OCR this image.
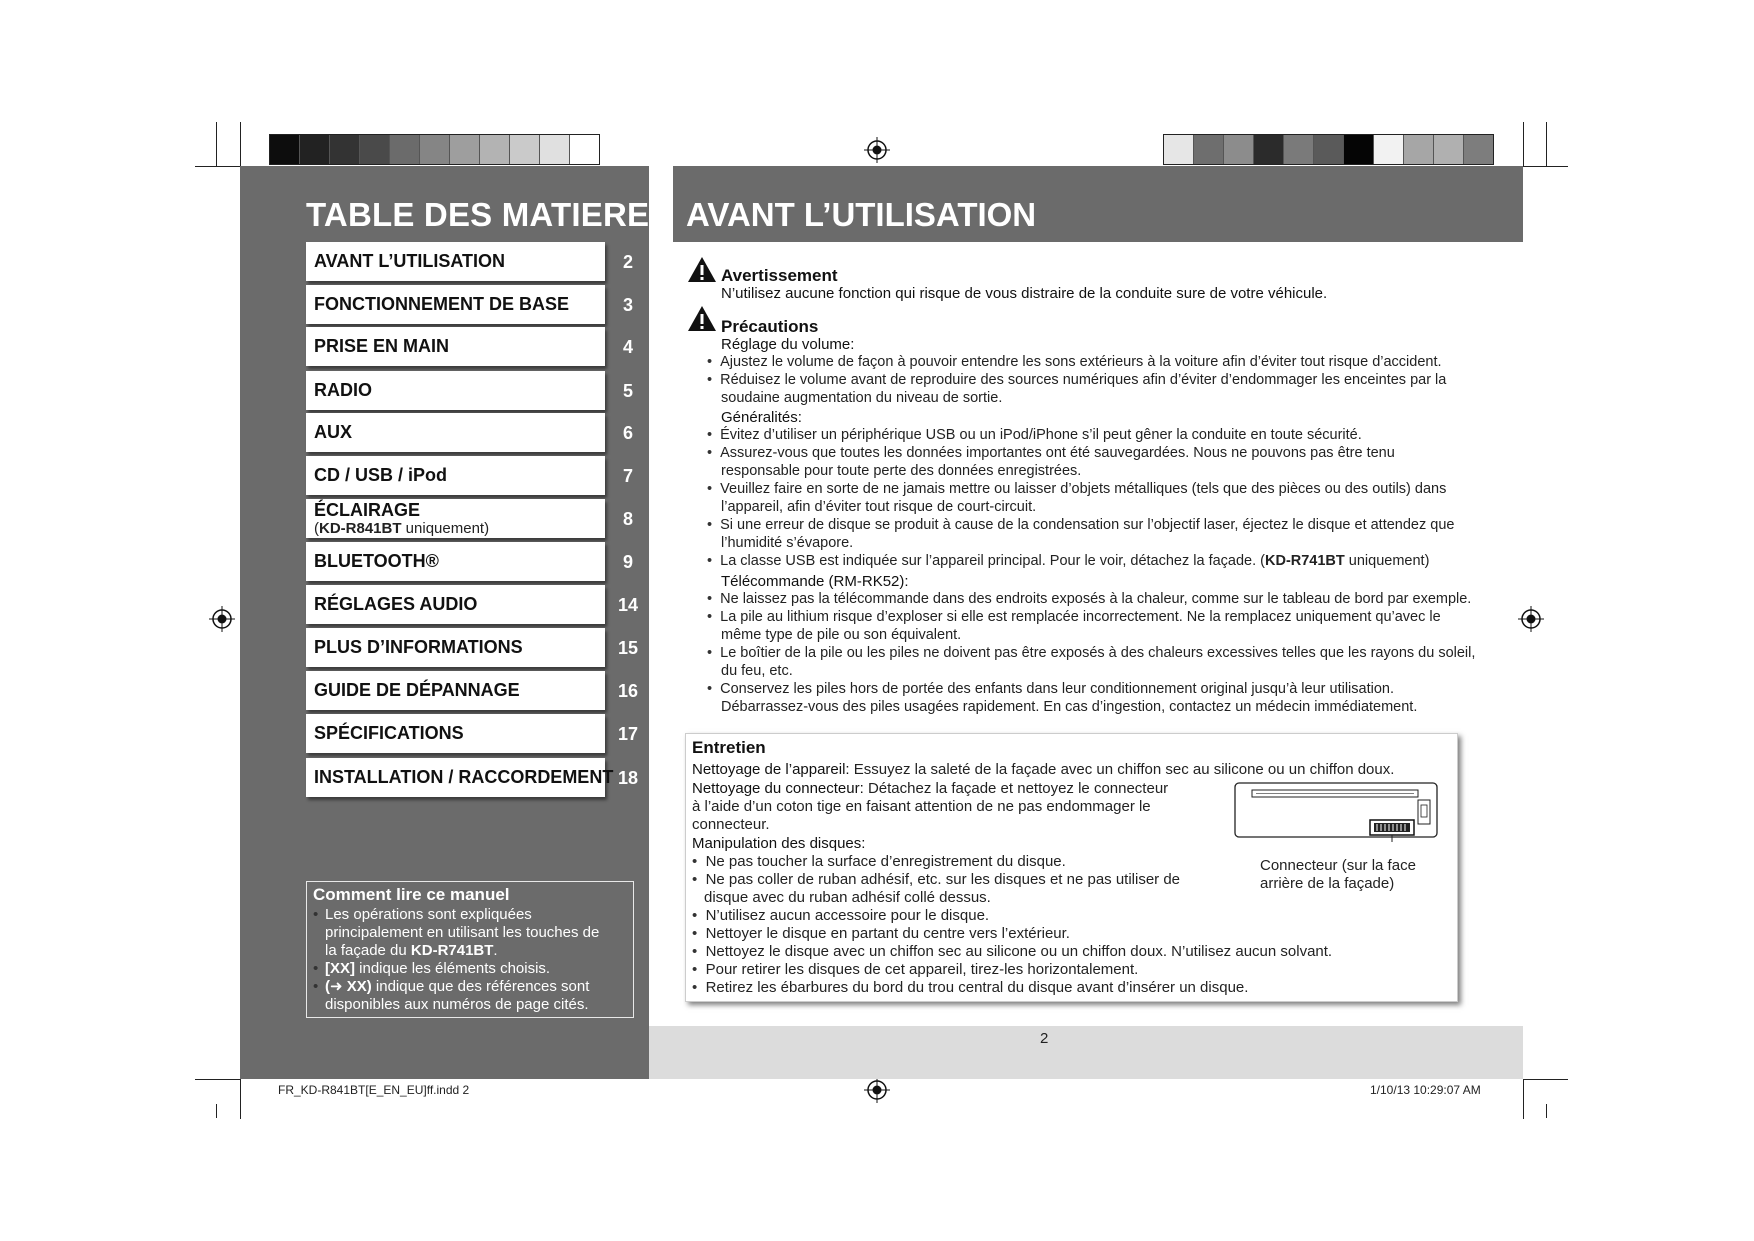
TABLE DES MATIERES
AVANT L’UTILISATION	2
FONCTIONNEMENT DE BASE	3
PRISE EN MAIN	4
RADIO	5
AUX	6
CD / USB / iPod	7
ÉCLAIRAGE
(KD-R841BT uniquement)	8
BLUETOOTH®	9
RÉGLAGES AUDIO	14
PLUS D’INFORMATIONS	15
GUIDE DE DÉPANNAGE	16
SPÉCIFICATIONS	17
INSTALLATION / RACCORDEMENT 18
Comment lire ce manuel
• Les opérations sont expliquées
principalement en utilisant les touches de
la façade du KD-R741BT.
• [XX] indique les éléments choisis.
• (➜ XX) indique que des références sont
disponibles aux numéros de page cités.
AVANT L’UTILISATION
Avertissement
N’utilisez aucune fonction qui risque de vous distraire de la conduite sure de votre véhicule.
Précautions
Réglage du volume:
•  Ajustez le volume de façon à pouvoir entendre les sons extérieurs à la voiture afin d’éviter tout risque d’accident.
•  Réduisez le volume avant de reproduire des sources numériques afin d’éviter d’endommager les enceintes par la
soudaine augmentation du niveau de sortie.
Généralités:
•  Évitez d’utiliser un périphérique USB ou un iPod/iPhone s’il peut gêner la conduite en toute sécurité.
•  Assurez-vous que toutes les données importantes ont été sauvegardées. Nous ne pouvons pas être tenu
responsable pour toute perte des données enregistrées.
•  Veuillez faire en sorte de ne jamais mettre ou laisser d’objets métalliques (tels que des pièces ou des outils) dans
l’appareil, afin d’éviter tout risque de court-circuit.
•  Si une erreur de disque se produit à cause de la condensation sur l’objectif laser, éjectez le disque et attendez que
l’humidité s’évapore.
•  La classe USB est indiquée sur l’appareil principal. Pour le voir, détachez la façade. (KD-R741BT uniquement)
Télécommande (RM-RK52):
•  Ne laissez pas la télécommande dans des endroits exposés à la chaleur, comme sur le tableau de bord par exemple.
•  La pile au lithium risque d’exploser si elle est remplacée incorrectement. Ne la remplacez uniquement qu’avec le
même type de pile ou son équivalent.
•  Le boîtier de la pile ou les piles ne doivent pas être exposés à des chaleurs excessives telles que les rayons du soleil,
du feu, etc.
•  Conservez les piles hors de portée des enfants dans leur conditionnement original jusqu’à leur utilisation.
Débarrassez-vous des piles usagées rapidement. En cas d’ingestion, contactez un médecin immédiatement.
Entretien
Nettoyage de l’appareil: Essuyez la saleté de la façade avec un chiffon sec au silicone ou un chiffon doux.
Nettoyage du connecteur: Détachez la façade et nettoyez le connecteur
à l’aide d’un coton tige en faisant attention de ne pas endommager le
connecteur.
Manipulation des disques:
•  Ne pas toucher la surface d’enregistrement du disque.
•  Ne pas coller de ruban adhésif, etc. sur les disques et ne pas utiliser de
disque avec du ruban adhésif collé dessus.
•  N’utilisez aucun accessoire pour le disque.
•  Nettoyer le disque en partant du centre vers l’extérieur.
•  Nettoyez le disque avec un chiffon sec au silicone ou un chiffon doux. N’utilisez aucun solvant.
•  Pour retirer les disques de cet appareil, tirez-les horizontalement.
•  Retirez les ébarbures du bord du trou central du disque avant d’insérer un disque.
Connecteur (sur la face
arrière de la façade)
2
FR_KD-R841BT[E_EN_EU]ff.indd 2	1/10/13 10:29:07 AM
